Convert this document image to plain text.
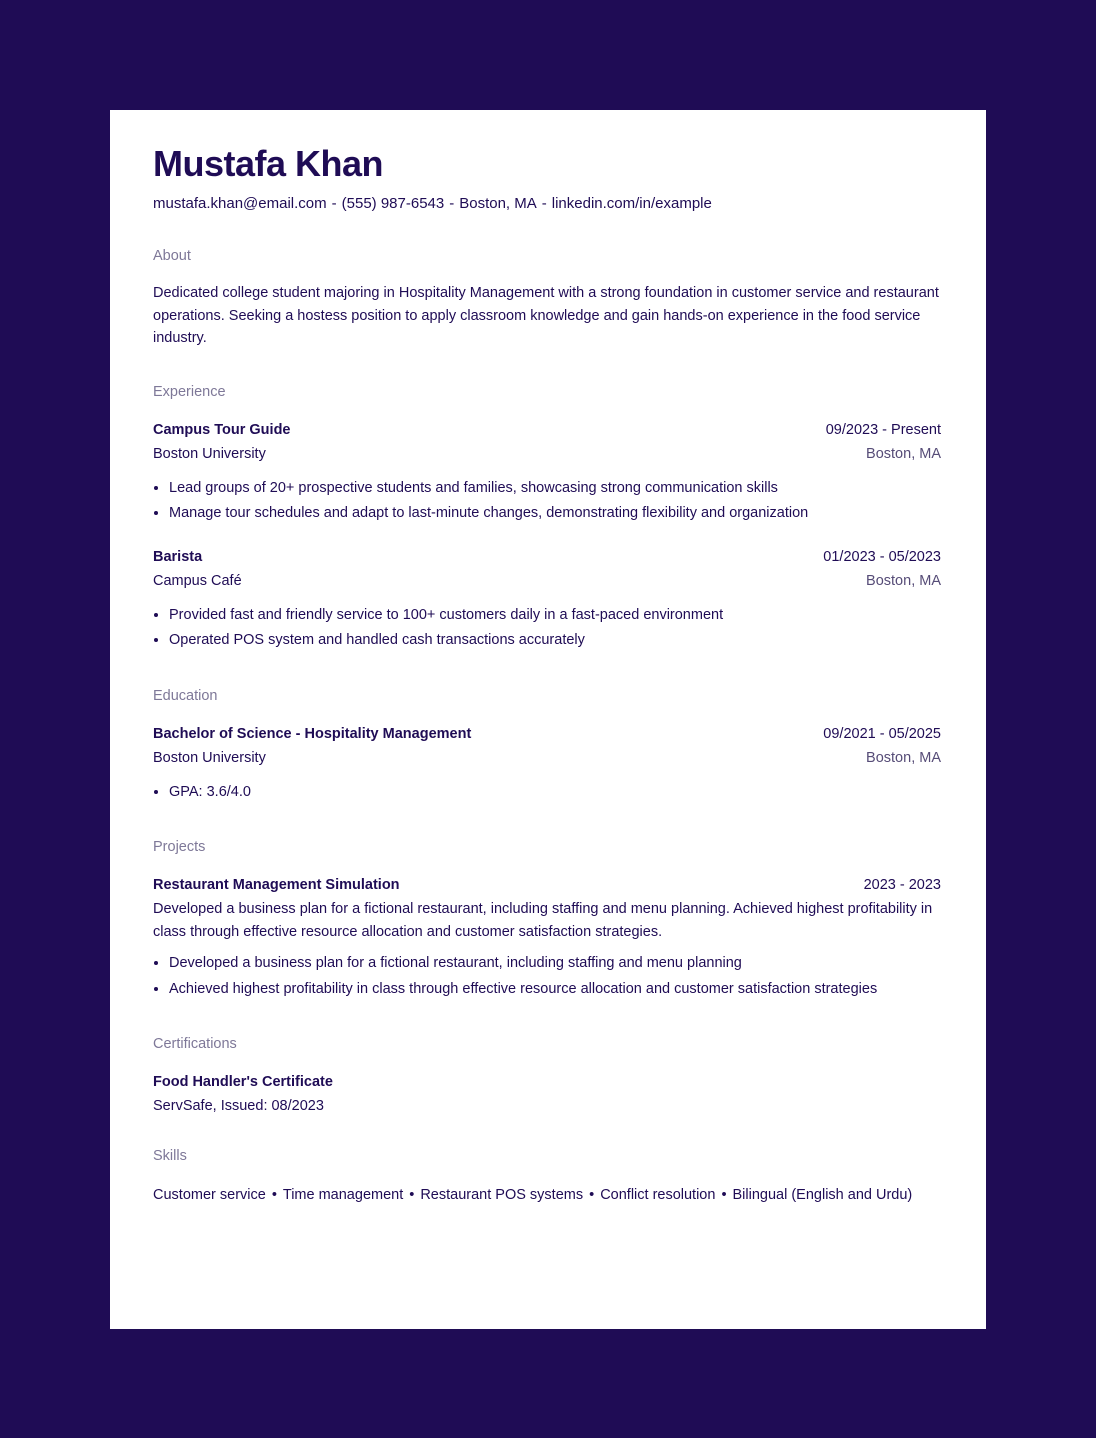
Mustafa Khan
mustafa.khan@email.com - (555) 987-6543 - Boston, MA - linkedin.com/in/example
About
Dedicated college student majoring in Hospitality Management with a strong foundation in customer service and restaurant operations. Seeking a hostess position to apply classroom knowledge and gain hands-on experience in the food service industry.
Experience
Campus Tour Guide	09/2023 - Present
Boston University	Boston, MA
• Lead groups of 20+ prospective students and families, showcasing strong communication skills
• Manage tour schedules and adapt to last-minute changes, demonstrating flexibility and organization
Barista	01/2023 - 05/2023
Campus Café	Boston, MA
• Provided fast and friendly service to 100+ customers daily in a fast-paced environment
• Operated POS system and handled cash transactions accurately
Education
Bachelor of Science - Hospitality Management	09/2021 - 05/2025
Boston University	Boston, MA
• GPA: 3.6/4.0
Projects
Restaurant Management Simulation	2023 - 2023
Developed a business plan for a fictional restaurant, including staffing and menu planning. Achieved highest profitability in class through effective resource allocation and customer satisfaction strategies.
• Developed a business plan for a fictional restaurant, including staffing and menu planning
• Achieved highest profitability in class through effective resource allocation and customer satisfaction strategies
Certifications
Food Handler's Certificate
ServSafe, Issued: 08/2023
Skills
Customer service • Time management • Restaurant POS systems • Conflict resolution • Bilingual (English and Urdu)
